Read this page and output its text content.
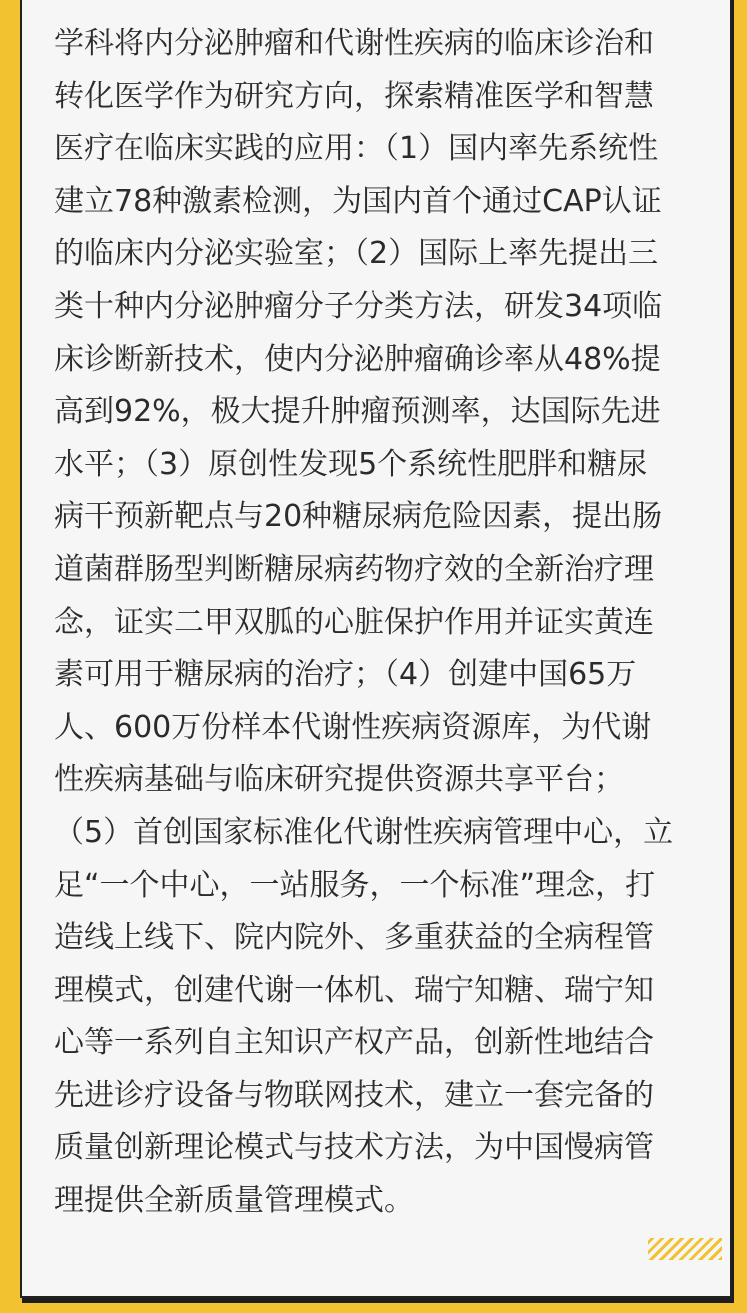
学科将内分泌肿瘤和代谢性疾病的临床诊治和
转化医学作为研究方向，探索精准医学和智慧
医疗在临床实践的应用：（1）国内率先系统性
建立78种激素检测，为国内首个通过CAP认证
的临床内分泌实验室；（2）国际上率先提出三
类十种内分泌肿瘤分子分类方法，研发34项临
床诊断新技术，使内分泌肿瘤确诊率从48%提
高到92%，极大提升肿瘤预测率，达国际先进
水平；（3）原创性发现5个系统性肥胖和糖尿
病干预新靶点与20种糖尿病危险因素，提出肠
道菌群肠型判断糖尿病药物疗效的全新治疗理
念，证实二甲双胍的心脏保护作用并证实黄连
素可用于糖尿病的治疗；（4）创建中国65万
人、600万份样本代谢性疾病资源库，为代谢
性疾病基础与临床研究提供资源共享平台；
（5）首创国家标准化代谢性疾病管理中心，立
足“一个中心，一站服务，一个标准”理念，打
造线上线下、院内院外、多重获益的全病程管
理模式，创建代谢一体机、瑞宁知糖、瑞宁知
心等一系列自主知识产权产品，创新性地结合
先进诊疗设备与物联网技术，建立一套完备的
质量创新理论模式与技术方法，为中国慢病管
理提供全新质量管理模式。
